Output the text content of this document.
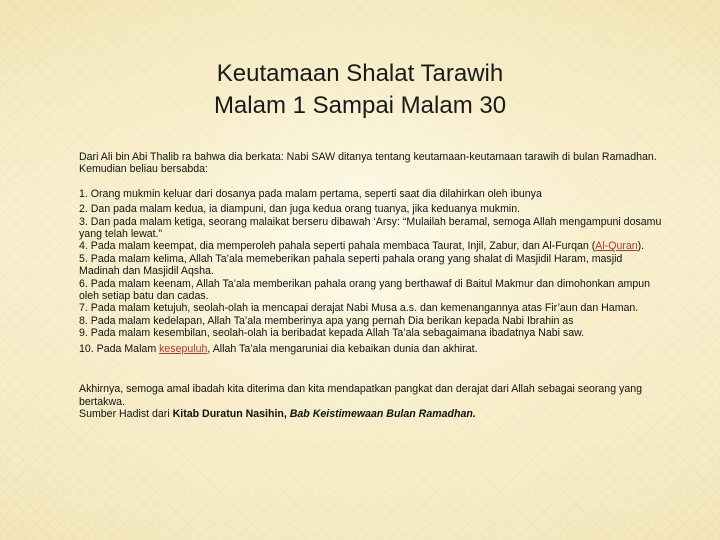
Keutamaan Shalat Tarawih
Malam 1 Sampai Malam 30

Dari Ali bin Abi Thalib ra bahwa dia berkata: Nabi SAW ditanya tentang keutamaan-keutamaan tarawih di bulan Ramadhan. Kemudian beliau bersabda:

1. Orang mukmin keluar dari dosanya pada malam pertama, seperti saat dia dilahirkan oleh ibunya

2. Dan pada malam kedua, ia diampuni, dan juga kedua orang tuanya, jika keduanya mukmin.

3. Dan pada malam ketiga, seorang malaikat berseru dibawah ‘Arsy: “Mulailah beramal, semoga Allah mengampuni dosamu yang telah lewat.”

4. Pada malam keempat, dia memperoleh pahala seperti pahala membaca Taurat, Injil, Zabur, dan Al-Furqan (Al-Quran).

5. Pada malam kelima, Allah Ta’ala memeberikan pahala seperti pahala orang yang shalat di Masjidil Haram, masjid Madinah dan Masjidil Aqsha.

6. Pada malam keenam, Allah Ta’ala memberikan pahala orang yang berthawaf di Baitul Makmur dan dimohonkan ampun oleh setiap batu dan cadas.

7. Pada malam ketujuh, seolah-olah ia mencapai derajat Nabi Musa a.s. dan kemenangannya atas Fir’aun dan Haman.

8. Pada malam kedelapan, Allah Ta’ala memberinya apa yang pernah Dia berikan kepada Nabi Ibrahin as

9. Pada malam kesembilan, seolah-olah ia beribadat kepada Allah Ta’ala sebagaimana ibadatnya Nabi saw.

10. Pada Malam kesepuluh, Allah Ta’ala mengaruniai dia kebaikan dunia dan akhirat.

Akhirnya, semoga amal ibadah kita diterima dan kita mendapatkan pangkat dan derajat dari Allah sebagai seorang yang bertakwa.

Sumber Hadist dari Kitab Duratun Nasihin, Bab Keistimewaan Bulan Ramadhan.
